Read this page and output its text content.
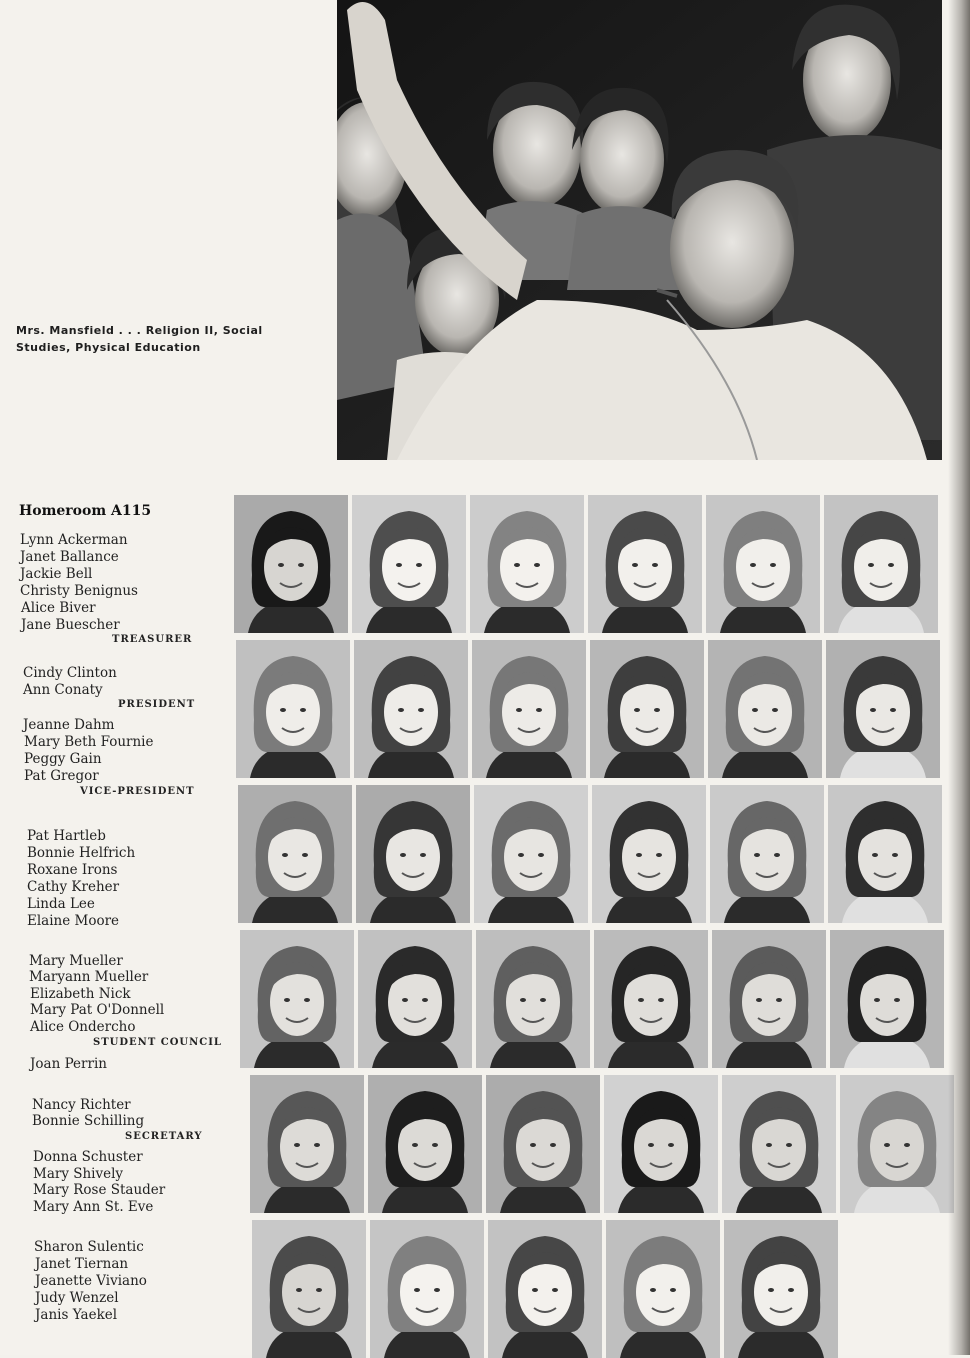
Mrs. Mansfield . . . Religion II, Social Studies, Physical Education
Homeroom A115
Lynn Ackerman
Janet Ballance
Jackie Bell
Christy Benignus
Alice Biver
Jane Buescher
TREASURER
Cindy Clinton
Ann Conaty
PRESIDENT
Jeanne Dahm
Mary Beth Fournie
Peggy Gain
Pat Gregor
VICE-PRESIDENT
Pat Hartleb
Bonnie Helfrich
Roxane Irons
Cathy Kreher
Linda Lee
Elaine Moore
Mary Mueller
Maryann Mueller
Elizabeth Nick
Mary Pat O'Donnell
Alice Ondercho
STUDENT COUNCIL
Joan Perrin
Nancy Richter
Bonnie Schilling
SECRETARY
Donna Schuster
Mary Shively
Mary Rose Stauder
Mary Ann St. Eve
Sharon Sulentic
Janet Tiernan
Jeanette Viviano
Judy Wenzel
Janis Yaekel
